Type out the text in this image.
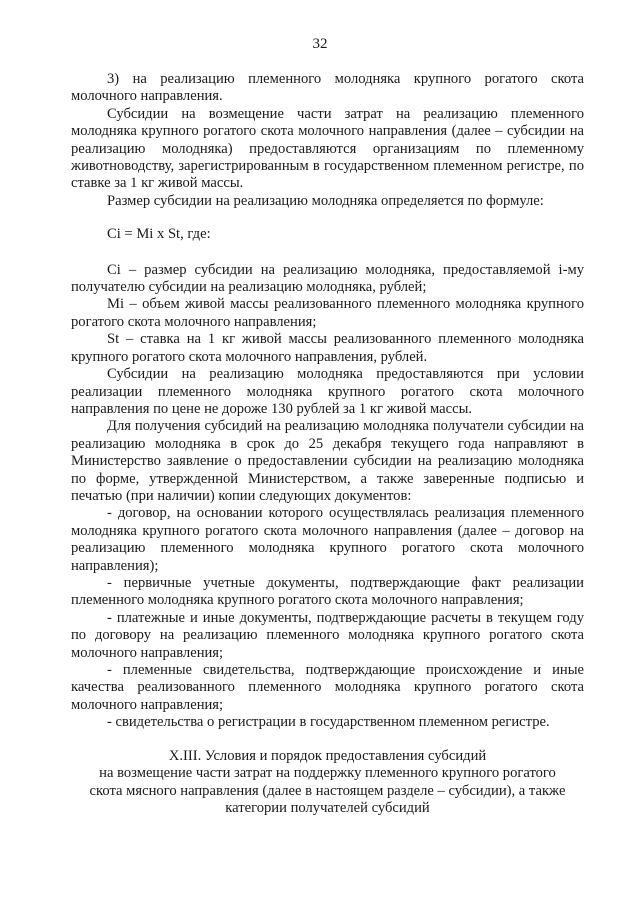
32

3) на реализацию племенного молодняка крупного рогатого скота молочного направления.

Субсидии на возмещение части затрат на реализацию племенного молодняка крупного рогатого скота молочного направления (далее – субсидии на реализацию молодняка) предоставляются организациям по племенному животноводству, зарегистрированным в государственном племенном регистре, по ставке за 1 кг живой массы.

Размер субсидии на реализацию молодняка определяется по формуле:

Ci = Mi x St, где:

Ci – размер субсидии на реализацию молодняка, предоставляемой i-му получателю субсидии на реализацию молодняка, рублей;

Mi – объем живой массы реализованного племенного молодняка крупного рогатого скота молочного направления;

St – ставка на 1 кг живой массы реализованного племенного молодняка крупного рогатого скота молочного направления, рублей.

Субсидии на реализацию молодняка предоставляются при условии реализации племенного молодняка крупного рогатого скота молочного направления по цене не дороже 130 рублей за 1 кг живой массы.

Для получения субсидий на реализацию молодняка получатели субсидии на реализацию молодняка в срок до 25 декабря текущего года направляют в Министерство заявление о предоставлении субсидии на реализацию молодняка по форме, утвержденной Министерством, а также заверенные подписью и печатью (при наличии) копии следующих документов:

- договор, на основании которого осуществлялась реализация племенного молодняка крупного рогатого скота молочного направления (далее – договор на реализацию племенного молодняка крупного рогатого скота молочного направления);

- первичные учетные документы, подтверждающие факт реализации племенного молодняка крупного рогатого скота молочного направления;

- платежные и иные документы, подтверждающие расчеты в текущем году по договору на реализацию племенного молодняка крупного рогатого скота молочного направления;

- племенные свидетельства, подтверждающие происхождение и иные качества реализованного племенного молодняка крупного рогатого скота молочного направления;

- свидетельства о регистрации в государственном племенном регистре.

X.III. Условия и порядок предоставления субсидий
на возмещение части затрат на поддержку племенного крупного рогатого
скота мясного направления (далее в настоящем разделе – субсидии), а также
категории получателей субсидий
